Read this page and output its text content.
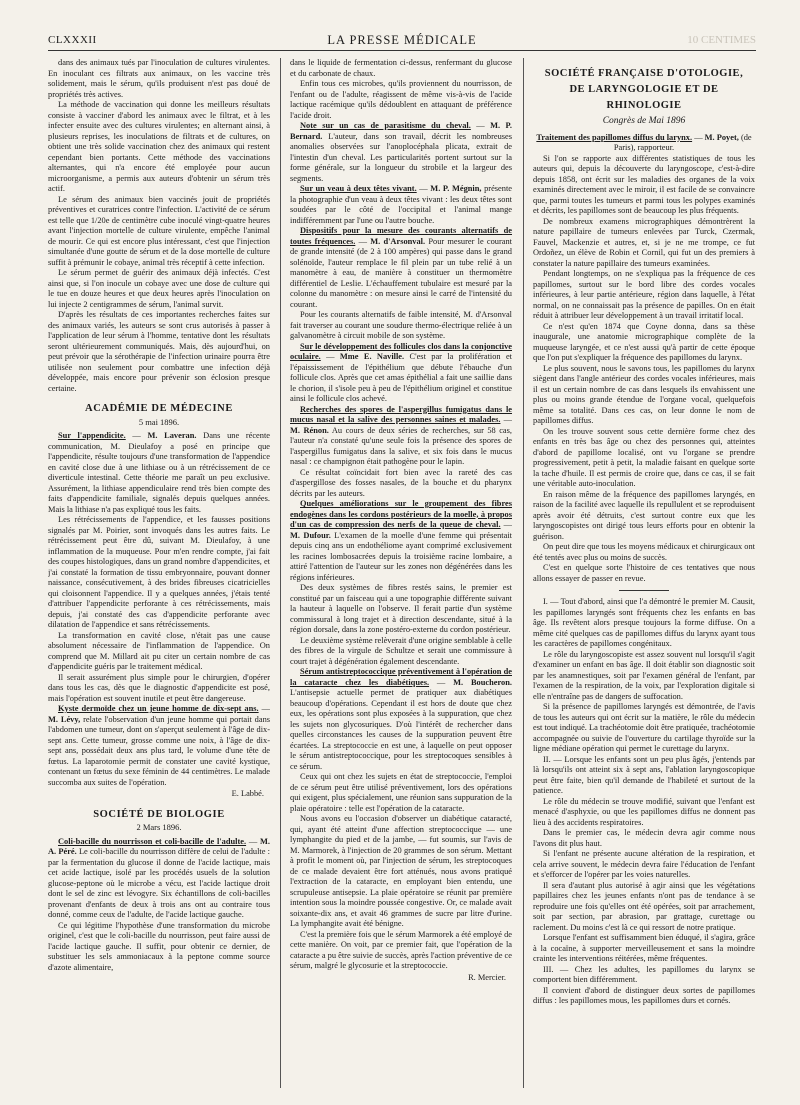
CLXXXII	LA PRESSE MÉDICALE	10 CENTIMES

dans des animaux tués par l'inoculation de cultures virulentes. En inoculant ces filtrats aux animaux, on les vaccine très solidement, mais le sérum, qu'ils produisent n'est pas doué de propriétés très actives.

La méthode de vaccination qui donne les meilleurs résultats consiste à vacciner d'abord les animaux avec le filtrat, et à les infecter ensuite avec des cultures virulentes; en alternant ainsi, à plusieurs reprises, les inoculations de filtrats et de cultures, on obtient une très solide vaccination chez des animaux qui restent cependant bien portants. Cette méthode des vaccinations alternantes, qui n'a encore été employée pour aucun microorganisme, a permis aux auteurs d'obtenir un sérum très actif.

Le sérum des animaux bien vaccinés jouit de propriétés préventives et curatrices contre l'infection. L'activité de ce sérum est telle que 1/20e de centimètre cube inoculé vingt-quatre heures avant l'injection mortelle de culture virulente, empêche l'animal de mourir. Ce qui est encore plus intéressant, c'est que l'injection simultanée d'une goutte de sérum et de la dose mortelle de culture suffit à prémunir le cobaye, animal très réceptif à cette infection.

Le sérum permet de guérir des animaux déjà infectés. C'est ainsi que, si l'on inocule un cobaye avec une dose de culture qui le tue en douze heures et que deux heures après l'inoculation on lui injecte 2 centigrammes de sérum, l'animal survit.

D'après les résultats de ces importantes recherches faites sur des animaux variés, les auteurs se sont crus autorisés à passer à l'application de leur sérum à l'homme, tentative dont les résultats seront ultérieurement communiqués. Mais, dès aujourd'hui, on peut prévoir que la sérothérapie de l'infection urinaire pourra être utilisée non seulement pour combattre une infection déjà développée, mais encore pour prévenir son éclosion presque certaine.

ACADÉMIE DE MÉDECINE
5 mai 1896.

Sur l'appendicite. — M. Laveran. Dans une récente communication, M. Dieulafoy a posé en principe que l'appendicite, résulte toujours d'une transformation de l'appendice en cavité close due à une lithiase ou à un rétrécissement de ce diverticule intestinal. Cette théorie me paraît un peu exclusive. Assurément, la lithiase appendiculaire rend très bien compte des faits d'appendicite familiale, signalés depuis quelques années. Mais la lithiase n'a pas expliqué tous les faits.

Les rétrécissements de l'appendice, et les fausses positions signalés par M. Poirier, sont invoqués dans les autres faits. Le rétrécissement peut être dû, suivant M. Dieulafoy, à une inflammation de la muqueuse. Pour m'en rendre compte, j'ai fait des coupes histologiques, dans un grand nombre d'appendicites, et j'ai constaté la formation de tissu embryonnaire, pouvant donner naissance, consécutivement, à des brides fibreuses cicatricielles qui cloisonnent l'appendice. Il y a quelques années, j'étais tenté d'attribuer l'appendicite perforante à ces rétrécissements, mais depuis, j'ai constaté des cas d'appendicite perforante avec dilatation de l'appendice et sans rétrécissements.

La transformation en cavité close, n'était pas une cause absolument nécessaire de l'inflammation de l'appendice. On comprend que M. Millard ait pu citer un certain nombre de cas d'appendicite guéris par le traitement médical.

Il serait assurément plus simple pour le chirurgien, d'opérer dans tous les cas, dès que le diagnostic d'appendicite est posé, mais l'opération est souvent inutile et peut être dangereuse.

Kyste dermoïde chez un jeune homme de dix-sept ans. — M. Lévy, relate l'observation d'un jeune homme qui portait dans l'abdomen une tumeur, dont on s'aperçut seulement à l'âge de dix-sept ans. Cette tumeur, grosse comme une noix, à l'âge de dix-sept ans, possédait deux ans plus tard, le volume d'une tête de fœtus. La laparotomie permit de constater une cavité kystique, contenant un fœtus du sexe féminin de 44 centimètres. Le malade succomba aux suites de l'opération.

E. Labbé.
SOCIÉTÉ DE BIOLOGIE
2 Mars 1896.

Coli-bacille du nourrisson et coli-bacille de l'adulte. — M. A. Péré. Le coli-bacille du nourrisson diffère de celui de l'adulte : par la fermentation du glucose il donne de l'acide lactique, mais cet acide lactique, isolé par les procédés usuels de la solution glucose-peptone où le microbe a vécu, est l'acide lactique droit dont le sel de zinc est lévogyre. Six échantillons de coli-bacilles provenant d'enfants de deux à trois ans ont au contraire tous donné, comme ceux de l'adulte, de l'acide lactique gauche.

Ce qui légitime l'hypothèse d'une transformation du microbe originel, c'est que le coli-bacille du nourrisson, peut faire aussi de l'acide lactique gauche. Il suffit, pour obtenir ce dernier, de substituer les sels ammoniacaux à la peptone comme source d'azote alimentaire,

dans le liquide de fermentation ci-dessus, renfermant du glucose et du carbonate de chaux.

Enfin tous ces microbes, qu'ils proviennent du nourrisson, de l'enfant ou de l'adulte, réagissent de même vis-à-vis de l'acide lactique racémique qu'ils dédoublent en attaquant de préférence l'acide droit.

Note sur un cas de parasitisme du cheval. — M. P. Bernard. L'auteur, dans son travail, décrit les nombreuses anomalies observées sur l'anoplocéphala plicata, extrait de l'intestin d'un cheval. Les particularités portent surtout sur la forme générale, sur la longueur du strobile et la largeur des segments.

Sur un veau à deux têtes vivant. — M. P. Mégnin, présente la photographie d'un veau à deux têtes vivant : les deux têtes sont soudées par le côté de l'occipital et l'animal mange indifféremment par l'une ou l'autre bouche.

Dispositifs pour la mesure des courants alternatifs de toutes fréquences. — M. d'Arsonval. Pour mesurer le courant de grande intensité (de 2 à 100 ampères) qui passe dans le grand solénoïde, l'auteur remplace le fil plein par un tube relié à un manomètre à eau, de manière à constituer un thermomètre différentiel de Leslie. L'échauffement tubulaire est mesuré par la colonne du manomètre : on mesure ainsi le carré de l'intensité du courant.

Pour les courants alternatifs de faible intensité, M. d'Arsonval fait traverser au courant une soudure thermo-électrique reliée à un galvanomètre à circuit mobile de son système.

Sur le développement des follicules clos dans la conjonctive oculaire. — Mme E. Naville. C'est par la prolifération et l'épaississement de l'épithélium que débute l'ébauche d'un follicule clos. Après que cet amas épithélial a fait une saillie dans le chorion, il s'isole peu à peu de l'épithélium originel et constitue ainsi le follicule clos achevé.

Recherches des spores de l'aspergillus fumigatus dans le mucus nasal et la salive des personnes saines et malades. — M. Rénon. Au cours de deux séries de recherches, sur 58 cas, l'auteur n'a constaté qu'une seule fois la présence des spores de l'aspergillus fumigatus dans la salive, et six fois dans le mucus nasal : ce champignon était pathogène pour le lapin.

Ce résultat coïncidait fort bien avec la rareté des cas d'aspergillose des fosses nasales, de la bouche et du pharynx décrits par les auteurs.

Quelques améliorations sur le groupement des fibres endogènes dans les cordons postérieurs de la moelle, à propos d'un cas de compression des nerfs de la queue de cheval. — M. Dufour. L'examen de la moelle d'une femme qui présentait depuis cinq ans un endothéliome ayant comprimé exclusivement les racines lombosacrées depuis la troisième racine lombaire, a attiré l'attention de l'auteur sur les zones non dégénérées dans les régions inférieures.

Des deux systèmes de fibres restés sains, le premier est constitué par un faisceau qui a une topographie différente suivant la hauteur à laquelle on l'observe. Il ferait partie d'un système commissural à long trajet et à direction descendante, situé à la région dorsale, dans la zone postéro-externe du cordon postérieur.

Le deuxième système relèverait d'une origine semblable à celle des fibres de la virgule de Schultze et serait une commissure à court trajet à dégénération également descendante.

Sérum antistreptococcique préventivement à l'opération de la cataracte chez les diabétiques. — M. Boucheron. L'antisepsie actuelle permet de pratiquer aux diabétiques beaucoup d'opérations. Cependant il est hors de doute que chez eux, les opérations sont plus exposées à la suppuration, que chez les sujets non glycosuriques. D'où l'intérêt de rechercher dans quelles circonstances les causes de la suppuration peuvent être écartées. La streptococcie en est une, à laquelle on peut opposer le sérum antistreptococcique, pour les streptocoques sensibles à ce sérum.

Ceux qui ont chez les sujets en état de streptococcie, l'emploi de ce sérum peut être utilisé préventivement, lors des opérations qui exigent, plus spécialement, une réunion sans suppuration de la plaie opératoire : telle est l'opération de la cataracte.

Nous avons eu l'occasion d'observer un diabétique cataracté, qui, ayant été atteint d'une affection streptococcique — une lymphangite du pied et de la jambe, — fut soumis, sur l'avis de M. Marmorek, à l'injection de 20 grammes de son sérum. Mettant à profit le moment où, par l'injection de sérum, les streptocoques de ce malade devaient être fort atténués, nous avons pratiqué l'extraction de la cataracte, en employant bien entendu, une scrupuleuse antisepsie. La plaie opératoire se réunit par première intention sous la moindre poussée congestive. Or, ce malade avait soixante-dix ans, et avait 46 grammes de sucre par litre d'urine. La lymphangite avait été bénigne.

C'est la première fois que le sérum Marmorek a été employé de cette manière. On voit, par ce premier fait, que l'opération de la cataracte a pu être suivie de succès, après l'action préventive de ce sérum, malgré le glycosurie et la streptococcie.

R. Mercier.
SOCIÉTÉ FRANÇAISE D'OTOLOGIE,
DE LARYNGOLOGIE ET DE RHINOLOGIE
Congrès de Mai 1896

Traitement des papillomes diffus du larynx. — M. Poyet, (de Paris), rapporteur.

Si l'on se rapporte aux différentes statistiques de tous les auteurs qui, depuis la découverte du laryngoscope, c'est-à-dire depuis 1858, ont écrit sur les maladies des organes de la voix examinés directement avec le miroir, il est facile de se convaincre que, parmi toutes les tumeurs et parmi tous les polypes examinés et décrits, les papillomes sont de beaucoup les plus fréquents.

De nombreux examens micrographiques démontrèrent la nature papillaire de tumeurs enlevées par Turck, Czermak, Fauvel, Mackenzie et autres, et, si je ne me trompe, ce fut Ordoñez, un élève de Robin et Cornil, qui fut un des premiers à constater la nature papillaire des tumeurs examinées.

Pendant longtemps, on ne s'expliqua pas la fréquence de ces papillomes, surtout sur le bord libre des cordes vocales inférieures, à leur partie antérieure, région dans laquelle, à l'état normal, on ne connaissait pas la présence de papilles. On en était réduit à attribuer leur développement à un travail irritatif local.

Ce n'est qu'en 1874 que Coyne donna, dans sa thèse inaugurale, une anatomie micrographique complète de la muqueuse laryngée, et ce n'est aussi qu'à partir de cette époque que l'on put s'expliquer la fréquence des papillomes du larynx.

Le plus souvent, nous le savons tous, les papillomes du larynx siègent dans l'angle antérieur des cordes vocales inférieures, mais il est un certain nombre de cas dans lesquels ils envahissent une plus ou moins grande étendue de l'organe vocal, quelquefois même sa totalité. Dans ces cas, on leur donne le nom de papillomes diffus.

On les trouve souvent sous cette dernière forme chez des enfants en très bas âge ou chez des personnes qui, atteintes d'abord de papillome localisé, ont vu l'organe se prendre progressivement, petit à petit, la maladie faisant en quelque sorte la tache d'huile. Il est permis de croire que, dans ce cas, il se fait une véritable auto-inoculation.

En raison même de la fréquence des papillomes laryngés, en raison de la facilité avec laquelle ils repullulent et se reproduisent après avoir été détruits, c'est surtout contre eux que les laryngoscopistes ont dirigé tous leurs efforts pour en obtenir la guérison.

On peut dire que tous les moyens médicaux et chirurgicaux ont été tentés avec plus ou moins de succès.

C'est en quelque sorte l'histoire de ces tentatives que nous allons essayer de passer en revue.

I. — Tout d'abord, ainsi que l'a démontré le premier M. Causit, les papillomes laryngés sont fréquents chez les enfants en bas âge. Ils revêtent alors presque toujours la forme diffuse. On a même cité quelques cas de papillomes diffus du larynx ayant tous les caractères de papillomes congénitaux.

Le rôle du laryngoscopiste est assez souvent nul lorsqu'il s'agit d'examiner un enfant en bas âge. Il doit établir son diagnostic soit par les anamnestiques, soit par l'examen général de l'enfant, par l'examen de la respiration, de la voix, par l'exploration digitale si elle n'entraîne pas de dangers de suffocation.

Si la présence de papillomes laryngés est démontrée, de l'avis de tous les auteurs qui ont écrit sur la matière, le rôle du médecin est tout indiqué. La trachéotomie doit être pratiquée, trachéotomie accompagnée ou suivie de l'ouverture du cartilage thyroïde sur la ligne médiane opération qui permet le curettage du larynx.

II. — Lorsque les enfants sont un peu plus âgés, j'entends par là lorsqu'ils ont atteint six à sept ans, l'ablation laryngoscopique peut être faite, bien qu'il demande de l'habileté et surtout de la patience.

Le rôle du médecin se trouve modifié, suivant que l'enfant est menacé d'asphyxie, ou que les papillomes diffus ne donnent pas lieu à des accidents respiratoires.

Dans le premier cas, le médecin devra agir comme nous l'avons dit plus haut.

Si l'enfant ne présente aucune altération de la respiration, et cela arrive souvent, le médecin devra faire l'éducation de l'enfant et s'efforcer de l'opérer par les voies naturelles.

Il sera d'autant plus autorisé à agir ainsi que les végétations papillaires chez les jeunes enfants n'ont pas de tendance à se reproduire une fois qu'elles ont été opérées, soit par arrachement, soit par section, par abrasion, par grattage, curettage ou raclement. Du moins c'est là ce qui ressort de notre pratique.

Lorsque l'enfant est suffisamment bien éduqué, il s'agira, grâce à la cocaïne, à supporter merveilleusement et sans la moindre crainte les interventions réitérées, même fréquentes.

III. — Chez les adultes, les papillomes du larynx se comportent bien différemment.

Il convient d'abord de distinguer deux sortes de papillomes diffus : les papillomes mous, les papillomes durs et cornés.
